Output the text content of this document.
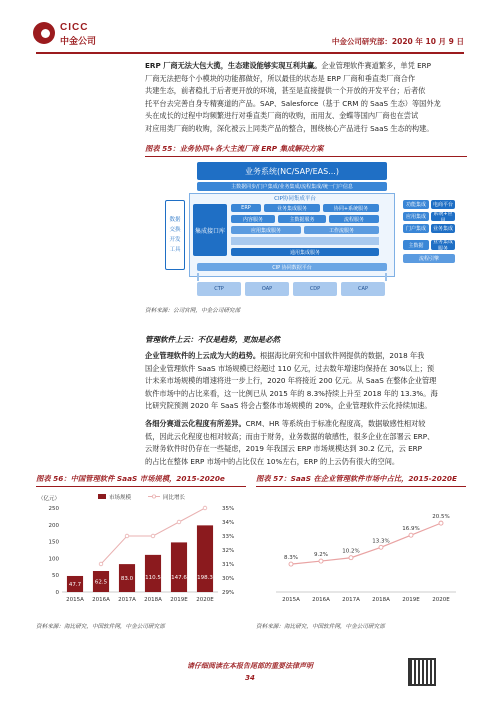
CICC
中金公司	中金公司研究部：2020 年 10 月 9 日
ERP 厂商无法大包大揽，生态建设能够实现互利共赢。企业管理软件赛道繁多，单凭 ERP
厂商无法把每个小模块的功能都做好，所以最佳的状态是 ERP 厂商和垂直类厂商合作
共建生态，前者稳扎于后者更开放的环境，甚至是直接提供一个开放的开发平台；后者依
托平台去完善自身专精赛道的产品。SAP、Salesforce（基于 CRM 的 SaaS 生态）等国外龙
头在成长的过程中均频繁进行对垂直类厂商的收购，而用友、金蝶等国内厂商也在尝试
对应用类厂商的收购，深化被云上同类产品的整合，围绕核心产品进行 SaaS 生态的构建。
图表 55：业务协同+各大主流厂商 ERP 集成解决方案
业务系统(NC/SAP/EAS...)
主数据同步/门户集成/业务集成/流程集成/统一门户信息
数据交换开发工具
CIP协同集成平台
集成接口库
ERP	业务集成服务	协同+系统服务
内容服务	主数据服务	流程服务
应用集成服务	工作流服务
通用集成服务
功能集成
应用集成
门户集成
电商平台
系统+应用
业务集成
主数据
业务集成服务
流程引擎
CIP 协同数据平台
CTP	OAP	CDP	CAP
资料来源：公司官网，中金公司研究部
管理软件上云：不仅是趋势，更加是必然
企业管理软件的上云成为大的趋势。根据海比研究和中国软件网提供的数据，2018 年我
国企业管理软件 SaaS 市场规模已经超过 110 亿元，过去数年增速均保持在 30%以上；预
计未来市场规模的增速将进一步上行，2020 年将接近 200 亿元。从 SaaS 在整体企业管理
软件市场中的占比来看，这一比例已从 2015 年的 8.3%持续上升至 2018 年的 13.3%。海
比研究院预测 2020 年 SaaS 将会占整体市场规模的 20%，企业管理软件云化持续加速。
各细分赛道云化程度有所差异。CRM、HR 等系统由于标准化程度高，数据敏感性相对较
低，因此云化程度也相对较高；而由于财务，业务数据的敏感性，很多企业在部署云 ERP、
云财务软件时仍存在一些疑虑，2019 年我国云 ERP 市场规模达到 30.2 亿元，云 ERP
的占比在整体 ERP 市场中的占比仅在 10%左右，ERP 的上云仍有很大的空间。
图表 56：中国管理软件 SaaS 市场规模，2015-2020e
（亿元）
0
50
100
150
200
250
29%
30%
31%
32%
33%
34%
35%
47.7
2015A
62.5
2016A
83.0
2017A
110.5
2018A
147.6
2019E
198.3
2020E
市场规模	同比增长
资料来源：海比研究，中国软件网，中金公司研究部
图表 57：SaaS 在企业管理软件市场中占比，2015-2020E
2015A 2016A 2017A 2018A 2019E 2020E
8.3%
9.2%
10.2%
13.3%
16.9%
20.5%
资料来源：海比研究，中国软件网，中金公司研究部
请仔细阅读在本报告尾部的重要法律声明
34
